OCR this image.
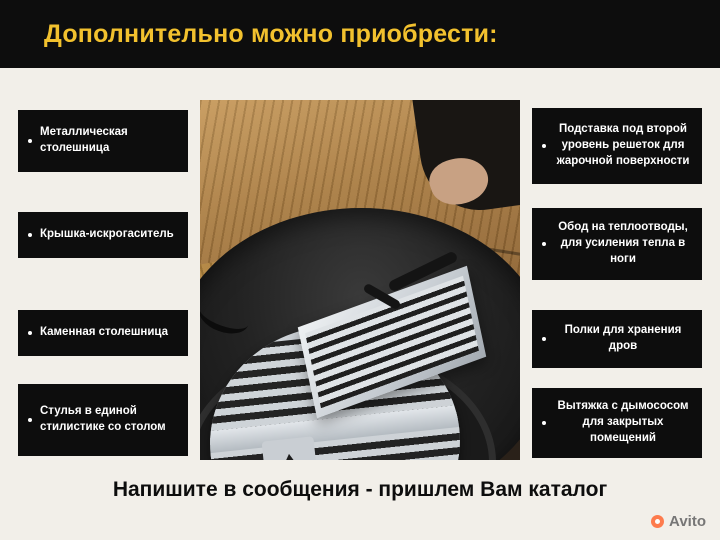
Дополнительно можно приобрести:
Металлическая столешница
Крышка-искрогаситель
Каменная столешница
Стулья в единой стилистике со столом
Подставка под второй уровень решеток для жарочной поверхности
Обод на теплоотводы, для усиления тепла в ноги
Полки для хранения дров
Вытяжка с дымососом для закрытых помещений
Напишите в сообщения - пришлем Вам каталог
Avito
